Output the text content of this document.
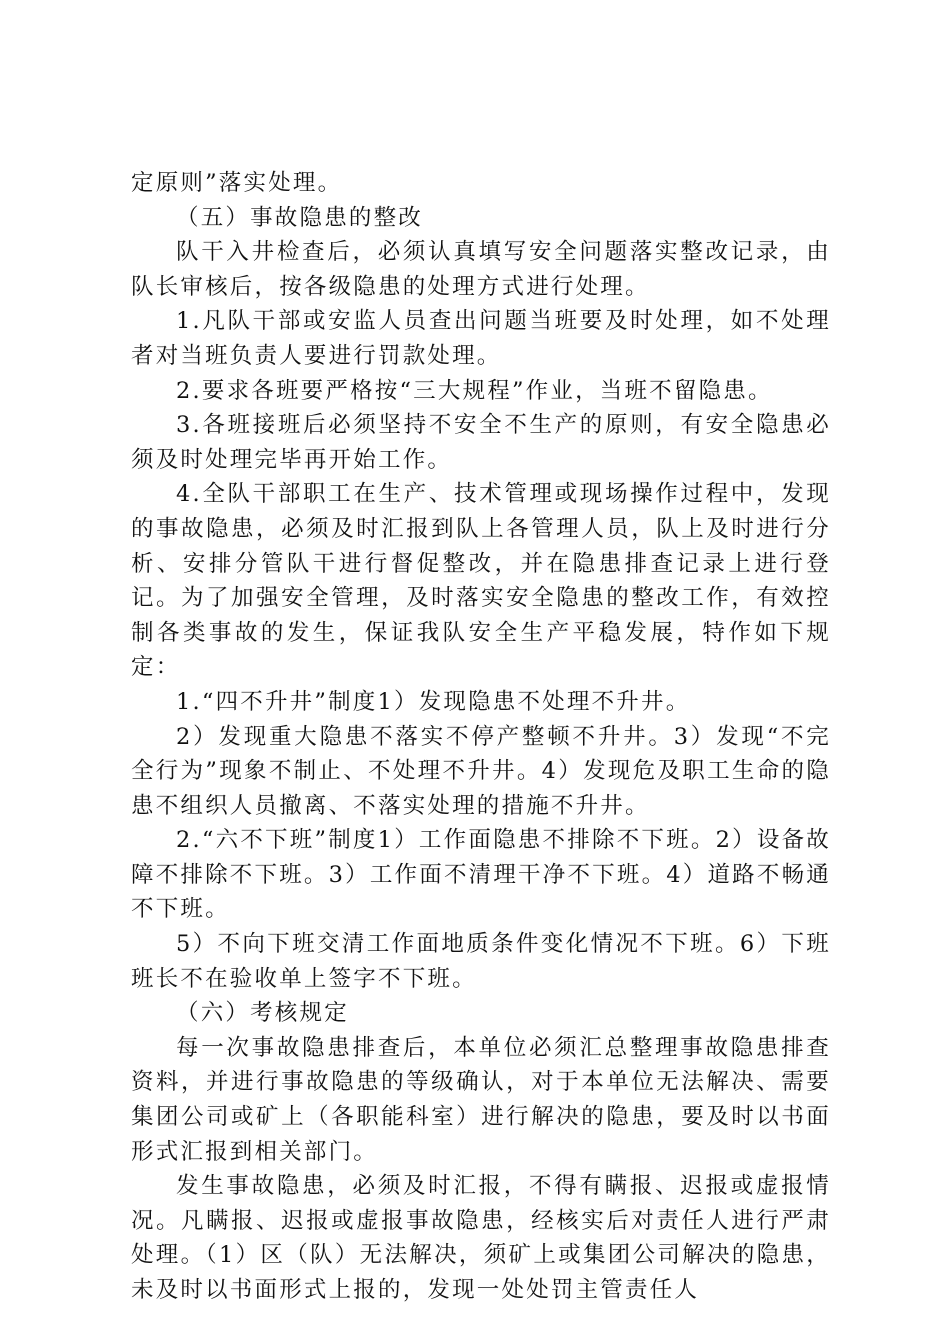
定原则”落实处理。

（五）事故隐患的整改

队干入井检查后，必须认真填写安全问题落实整改记录，由队长审核后，按各级隐患的处理方式进行处理。

1.凡队干部或安监人员查出问题当班要及时处理，如不处理者对当班负责人要进行罚款处理。

2.要求各班要严格按“三大规程”作业，当班不留隐患。

3.各班接班后必须坚持不安全不生产的原则，有安全隐患必须及时处理完毕再开始工作。

4.全队干部职工在生产、技术管理或现场操作过程中，发现的事故隐患，必须及时汇报到队上各管理人员，队上及时进行分析、安排分管队干进行督促整改，并在隐患排查记录上进行登记。为了加强安全管理，及时落实安全隐患的整改工作，有效控制各类事故的发生，保证我队安全生产平稳发展，特作如下规定：

1.“四不升井”制度1）发现隐患不处理不升井。

2）发现重大隐患不落实不停产整顿不升井。3）发现“不完全行为”现象不制止、不处理不升井。4）发现危及职工生命的隐患不组织人员撤离、不落实处理的措施不升井。

2.“六不下班”制度1）工作面隐患不排除不下班。2）设备故障不排除不下班。3）工作面不清理干净不下班。4）道路不畅通不下班。

5）不向下班交清工作面地质条件变化情况不下班。6）下班班长不在验收单上签字不下班。

（六）考核规定

每一次事故隐患排查后，本单位必须汇总整理事故隐患排查资料，并进行事故隐患的等级确认，对于本单位无法解决、需要集团公司或矿上（各职能科室）进行解决的隐患，要及时以书面形式汇报到相关部门。

发生事故隐患，必须及时汇报，不得有瞒报、迟报或虚报情况。凡瞒报、迟报或虚报事故隐患，经核实后对责任人进行严肃处理。（1）区（队）无法解决，须矿上或集团公司解决的隐患，未及时以书面形式上报的，发现一处处罚主管责任人
